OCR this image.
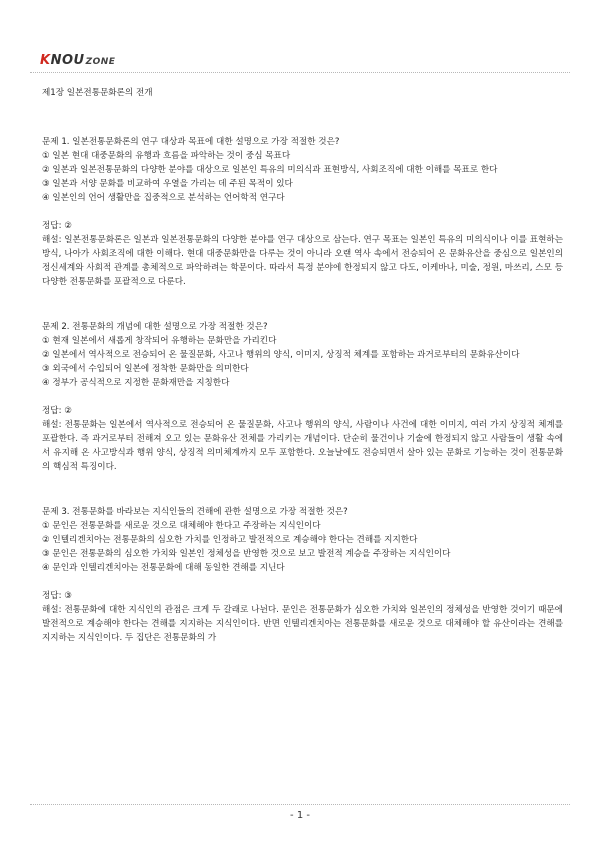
KNOUZONE

제1장 일본전통문화론의 전개

문제 1. 일본전통문화론의 연구 대상과 목표에 대한 설명으로 가장 적절한 것은?

① 일본 현대 대중문화의 유행과 흐름을 파악하는 것이 중심 목표다

② 일본과 일본전통문화의 다양한 분야를 대상으로 일본인 특유의 미의식과 표현방식, 사회조직에 대한 이해를 목표로 한다

③ 일본과 서양 문화를 비교하여 우열을 가리는 데 주된 목적이 있다

④ 일본인의 언어 생활만을 집중적으로 분석하는 언어학적 연구다

정답: ②

해설: 일본전통문화론은 일본과 일본전통문화의 다양한 분야를 연구 대상으로 삼는다. 연구 목표는 일본인 특유의 미의식이나 이를 표현하는 방식, 나아가 사회조직에 대한 이해다. 현대 대중문화만을 다루는 것이 아니라 오랜 역사 속에서 전승되어 온 문화유산을 중심으로 일본인의 정신세계와 사회적 관계를 총체적으로 파악하려는 학문이다. 따라서 특정 분야에 한정되지 않고 다도, 이케바나, 미술, 정원, 마쓰리, 스모 등 다양한 전통문화를 포괄적으로 다룬다.

문제 2. 전통문화의 개념에 대한 설명으로 가장 적절한 것은?

① 현재 일본에서 새롭게 창작되어 유행하는 문화만을 가리킨다

② 일본에서 역사적으로 전승되어 온 물질문화, 사고나 행위의 양식, 이미지, 상징적 체계를 포함하는 과거로부터의 문화유산이다

③ 외국에서 수입되어 일본에 정착한 문화만을 의미한다

④ 정부가 공식적으로 지정한 문화재만을 지칭한다

정답: ②

해설: 전통문화는 일본에서 역사적으로 전승되어 온 물질문화, 사고나 행위의 양식, 사람이나 사건에 대한 이미지, 여러 가지 상징적 체계를 포괄한다. 즉 과거로부터 전해져 오고 있는 문화유산 전체를 가리키는 개념이다. 단순히 물건이나 기술에 한정되지 않고 사람들이 생활 속에서 유지해 온 사고방식과 행위 양식, 상징적 의미체계까지 모두 포함한다. 오늘날에도 전승되면서 살아 있는 문화로 기능하는 것이 전통문화의 핵심적 특징이다.

문제 3. 전통문화를 바라보는 지식인들의 견해에 관한 설명으로 가장 적절한 것은?

① 문인은 전통문화를 새로운 것으로 대체해야 한다고 주장하는 지식인이다

② 인텔리겐치아는 전통문화의 심오한 가치를 인정하고 발전적으로 계승해야 한다는 견해를 지지한다

③ 문인은 전통문화의 심오한 가치와 일본인 정체성을 반영한 것으로 보고 발전적 계승을 주장하는 지식인이다

④ 문인과 인텔리겐치아는 전통문화에 대해 동일한 견해를 지닌다

정답: ③

해설: 전통문화에 대한 지식인의 관점은 크게 두 갈래로 나뉜다. 문인은 전통문화가 심오한 가치와 일본인의 정체성을 반영한 것이기 때문에 발전적으로 계승해야 한다는 견해를 지지하는 지식인이다. 반면 인텔리겐치아는 전통문화를 새로운 것으로 대체해야 할 유산이라는 견해를 지지하는 지식인이다. 두 집단은 전통문화의 가

- 1 -
